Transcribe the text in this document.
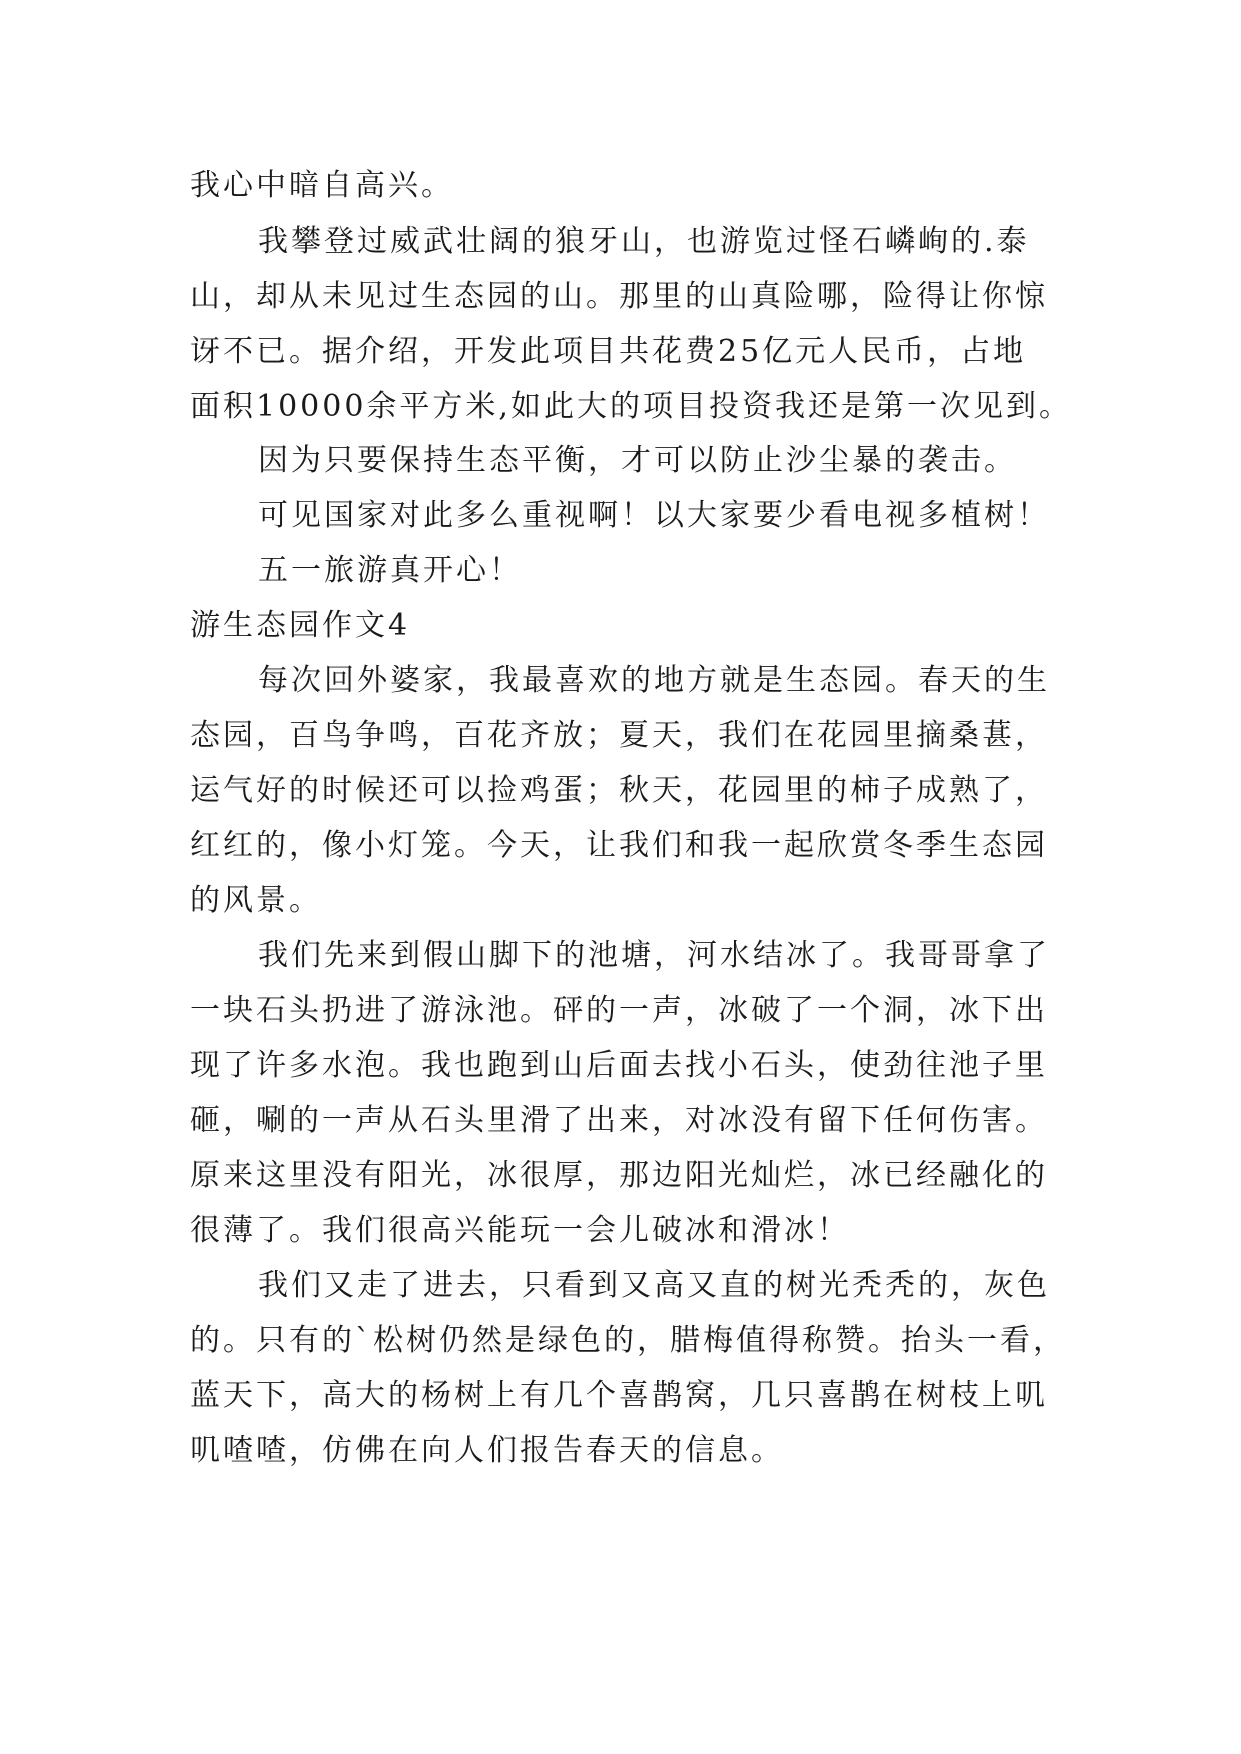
我心中暗自高兴。
我攀登过威武壮阔的狼牙山，也游览过怪石嶙峋的.泰
山，却从未见过生态园的山。那里的山真险哪，险得让你惊
讶不已。据介绍，开发此项目共花费25亿元人民币，占地
面积10000余平方米,如此大的项目投资我还是第一次见到。
因为只要保持生态平衡，才可以防止沙尘暴的袭击。
可见国家对此多么重视啊！以大家要少看电视多植树！
五一旅游真开心！
游生态园作文4
每次回外婆家，我最喜欢的地方就是生态园。春天的生
态园，百鸟争鸣，百花齐放；夏天，我们在花园里摘桑葚，
运气好的时候还可以捡鸡蛋；秋天，花园里的柿子成熟了，
红红的，像小灯笼。今天，让我们和我一起欣赏冬季生态园
的风景。
我们先来到假山脚下的池塘，河水结冰了。我哥哥拿了
一块石头扔进了游泳池。砰的一声，冰破了一个洞，冰下出
现了许多水泡。我也跑到山后面去找小石头，使劲往池子里
砸，唰的一声从石头里滑了出来，对冰没有留下任何伤害。
原来这里没有阳光，冰很厚，那边阳光灿烂，冰已经融化的
很薄了。我们很高兴能玩一会儿破冰和滑冰！
我们又走了进去，只看到又高又直的树光秃秃的，灰色
的。只有的`松树仍然是绿色的，腊梅值得称赞。抬头一看，
蓝天下，高大的杨树上有几个喜鹊窝，几只喜鹊在树枝上叽
叽喳喳，仿佛在向人们报告春天的信息。
